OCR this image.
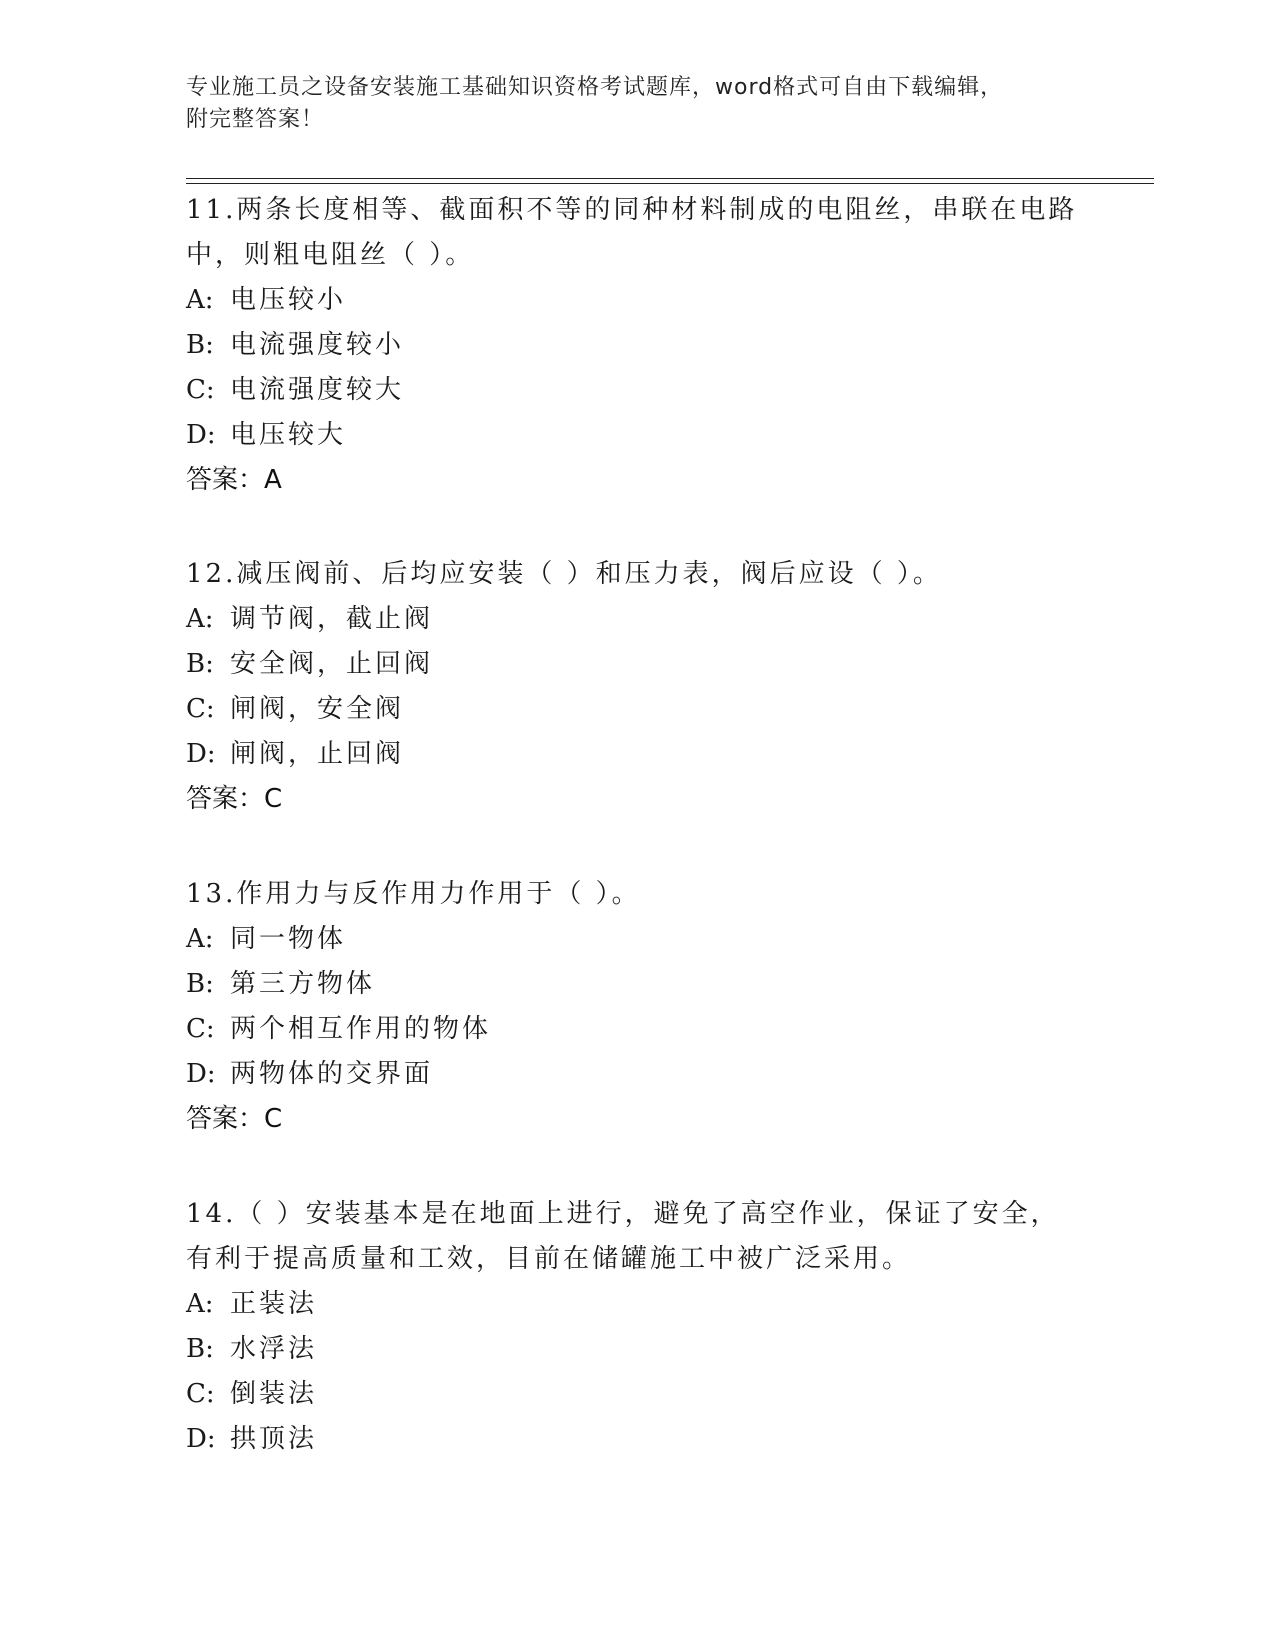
专业施工员之设备安装施工基础知识资格考试题库，word格式可自由下载编辑，
附完整答案！

11.两条长度相等、截面积不等的同种材料制成的电阻丝，串联在电路

中，则粗电阻丝（ ）。

A: 电压较小

B: 电流强度较小

C: 电流强度较大

D: 电压较大

答案：A

12.减压阀前、后均应安装（ ）和压力表，阀后应设（ ）。

A: 调节阀，截止阀

B: 安全阀，止回阀

C: 闸阀，安全阀

D: 闸阀，止回阀

答案：C

13.作用力与反作用力作用于（ ）。

A: 同一物体

B: 第三方物体

C: 两个相互作用的物体

D: 两物体的交界面

答案：C

14.（ ）安装基本是在地面上进行，避免了高空作业，保证了安全，

有利于提高质量和工效，目前在储罐施工中被广泛采用。

A: 正装法

B: 水浮法

C: 倒装法

D: 拱顶法
